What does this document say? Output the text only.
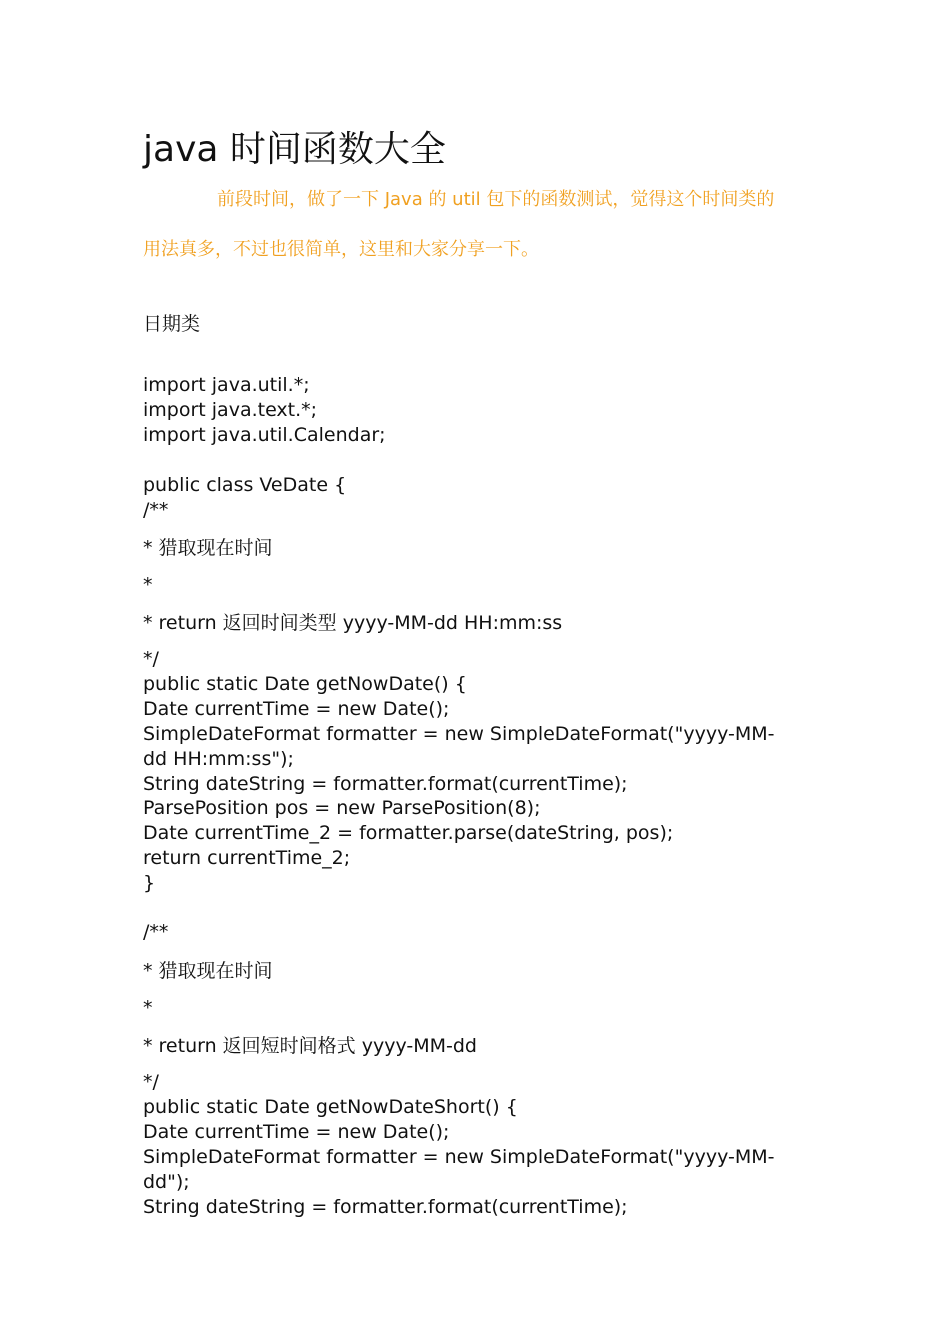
java 时间函数大全
前段时间，做了一下 Java 的 util 包下的函数测试，觉得这个时间类的
用法真多，不过也很简单，这里和大家分享一下。
日期类
import java.util.*;
import java.text.*;
import java.util.Calendar;
public class VeDate {
/**
* 猎取现在时间
*
* return 返回时间类型 yyyy-MM-dd HH:mm:ss
*/
public static Date getNowDate() {
Date currentTime = new Date();
SimpleDateFormat formatter = new SimpleDateFormat("yyyy-MM-
dd HH:mm:ss");
String dateString = formatter.format(currentTime);
ParsePosition pos = new ParsePosition(8);
Date currentTime_2 = formatter.parse(dateString, pos);
return currentTime_2;
}
/**
* 猎取现在时间
*
* return 返回短时间格式 yyyy-MM-dd
*/
public static Date getNowDateShort() {
Date currentTime = new Date();
SimpleDateFormat formatter = new SimpleDateFormat("yyyy-MM-
dd");
String dateString = formatter.format(currentTime);
